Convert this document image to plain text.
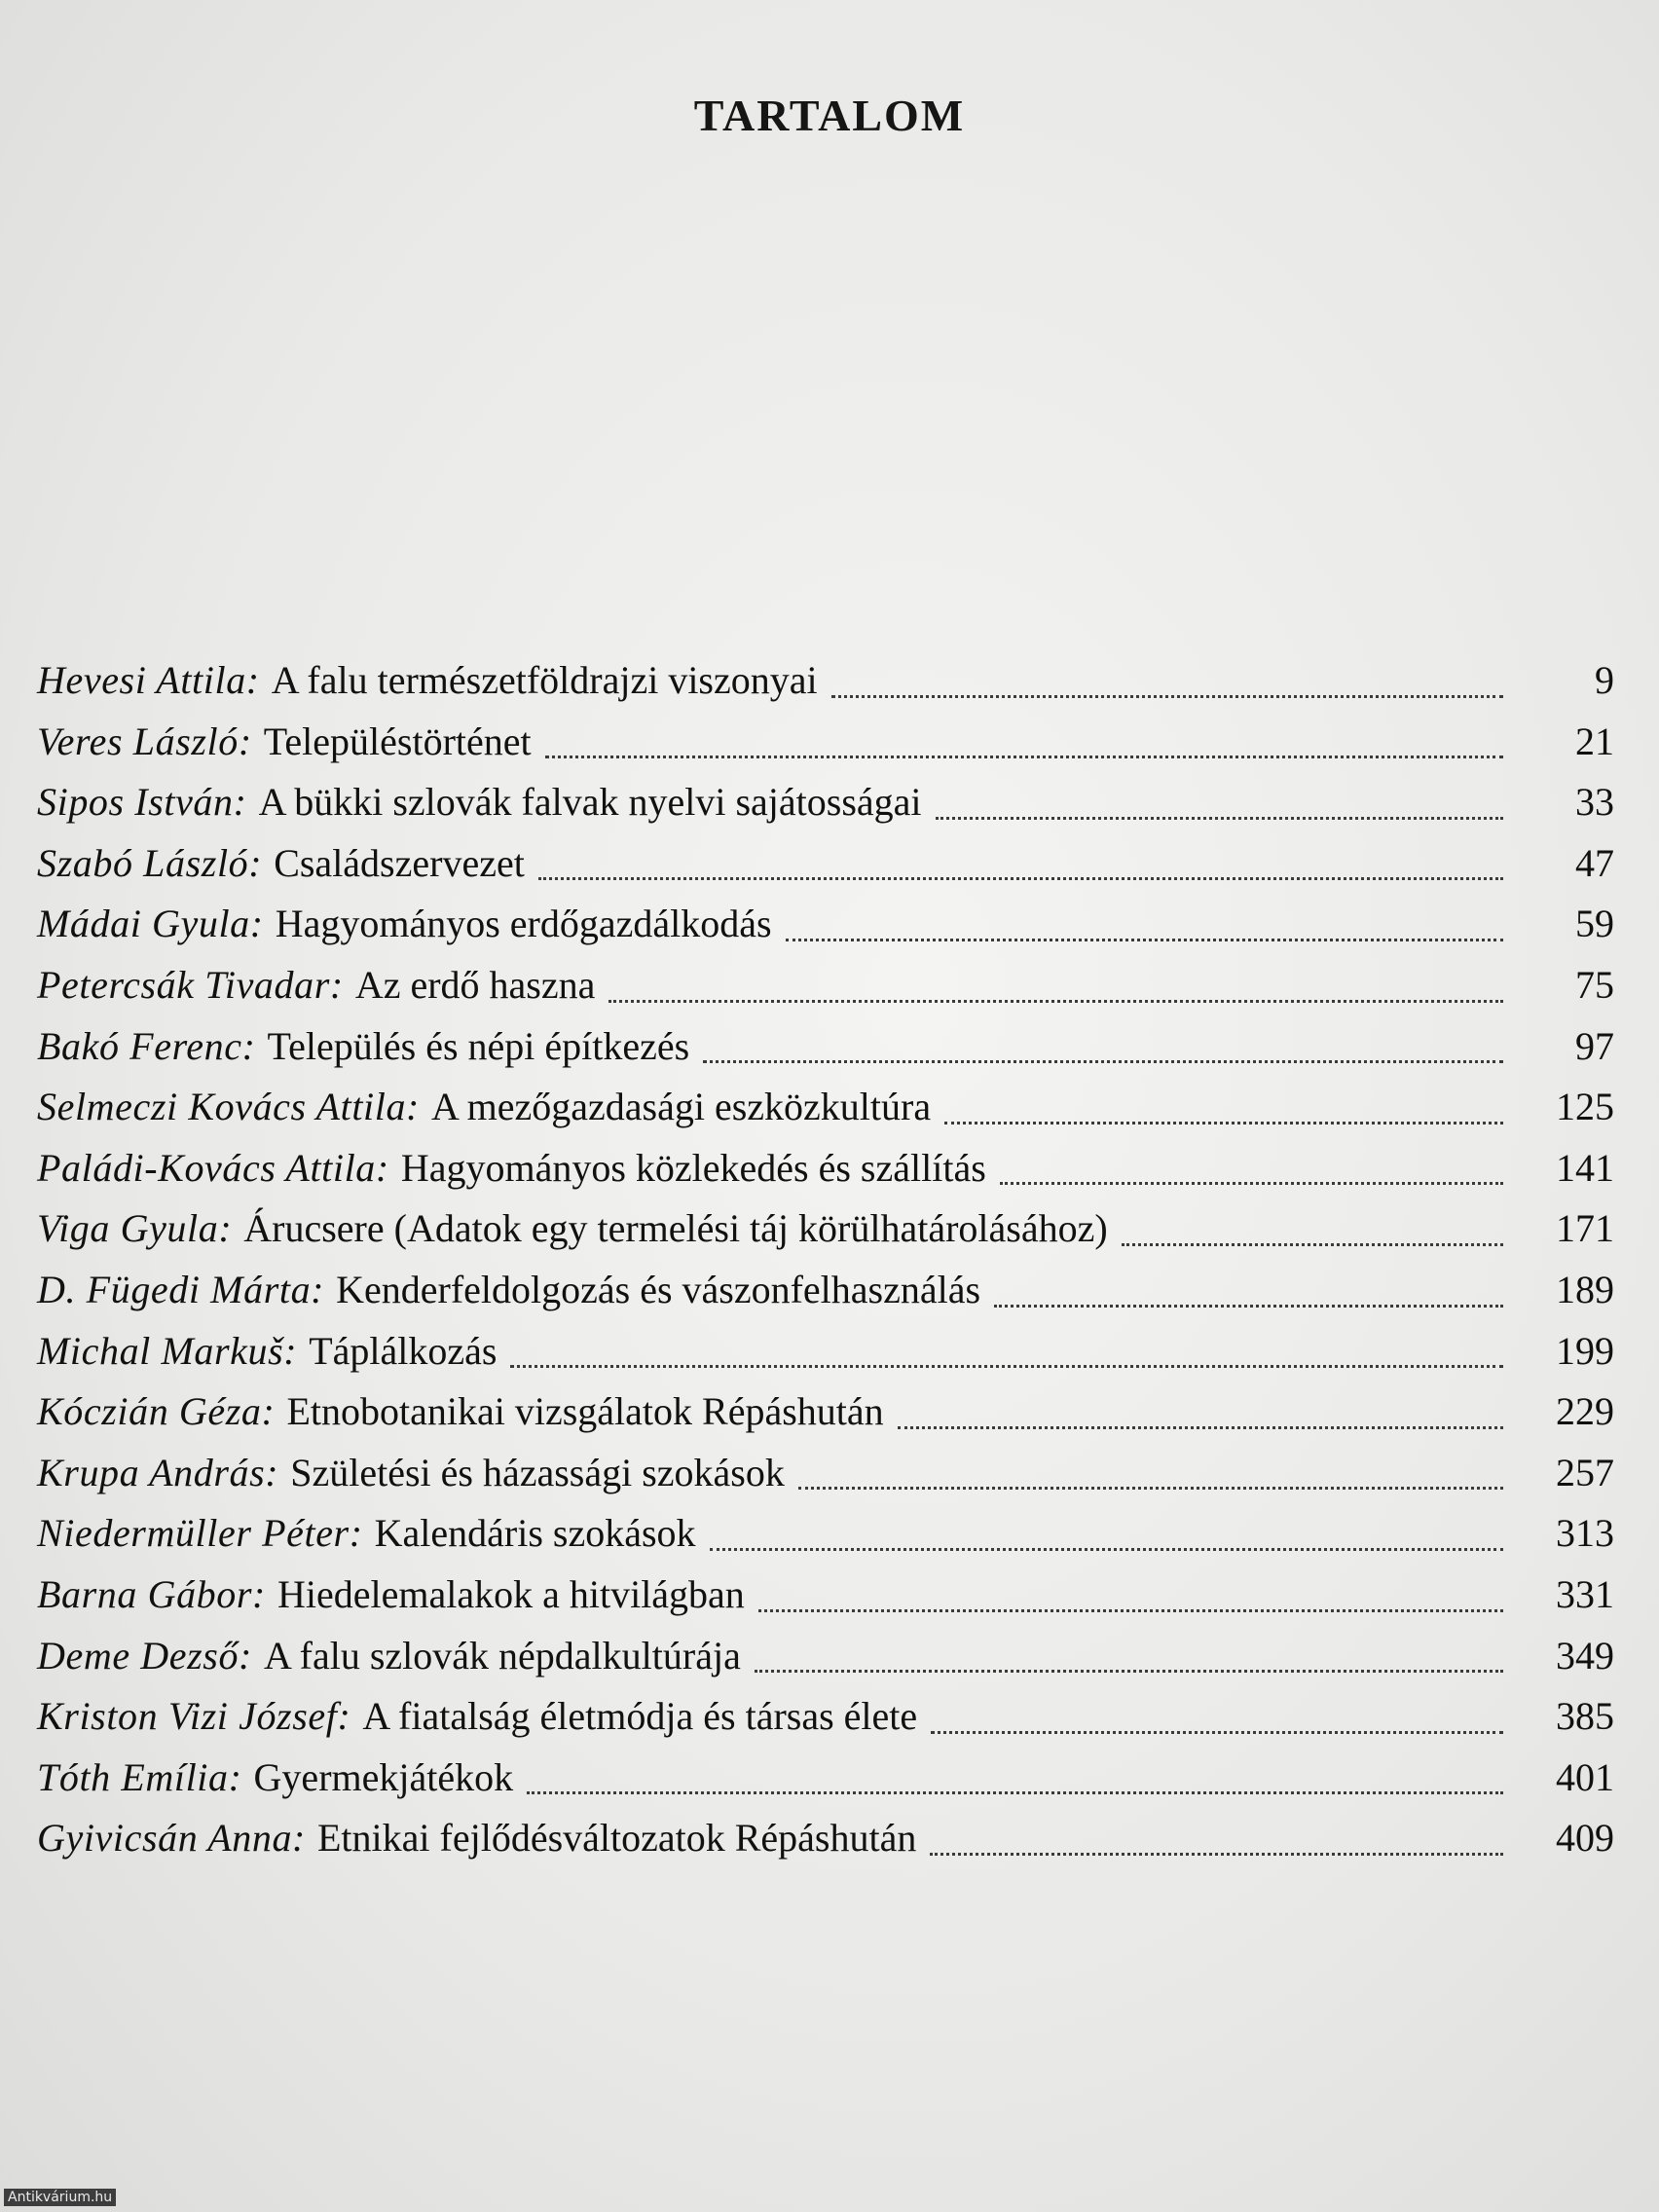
TARTALOM
Hevesi Attila: A falu természetföldrajzi viszonyai	9
Veres László: Településtörténet	21
Sipos István: A bükki szlovák falvak nyelvi sajátosságai	33
Szabó László: Családszervezet	47
Mádai Gyula: Hagyományos erdőgazdálkodás	59
Petercsák Tivadar: Az erdő haszna	75
Bakó Ferenc: Település és népi építkezés	97
Selmeczi Kovács Attila: A mezőgazdasági eszközkultúra	125
Paládi-Kovács Attila: Hagyományos közlekedés és szállítás	141
Viga Gyula: Árucsere (Adatok egy termelési táj körülhatárolásához)	171
D. Fügedi Márta: Kenderfeldolgozás és vászonfelhasználás	189
Michal Markuš: Táplálkozás	199
Kóczián Géza: Etnobotanikai vizsgálatok Répáshután	229
Krupa András: Születési és házassági szokások	257
Niedermüller Péter: Kalendáris szokások	313
Barna Gábor: Hiedelemalakok a hitvilágban	331
Deme Dezső: A falu szlovák népdalkultúrája	349
Kriston Vizi József: A fiatalság életmódja és társas élete	385
Tóth Emília: Gyermekjátékok	401
Gyivicsán Anna: Etnikai fejlődésváltozatok Répáshután	409
Antikvárium.hu
